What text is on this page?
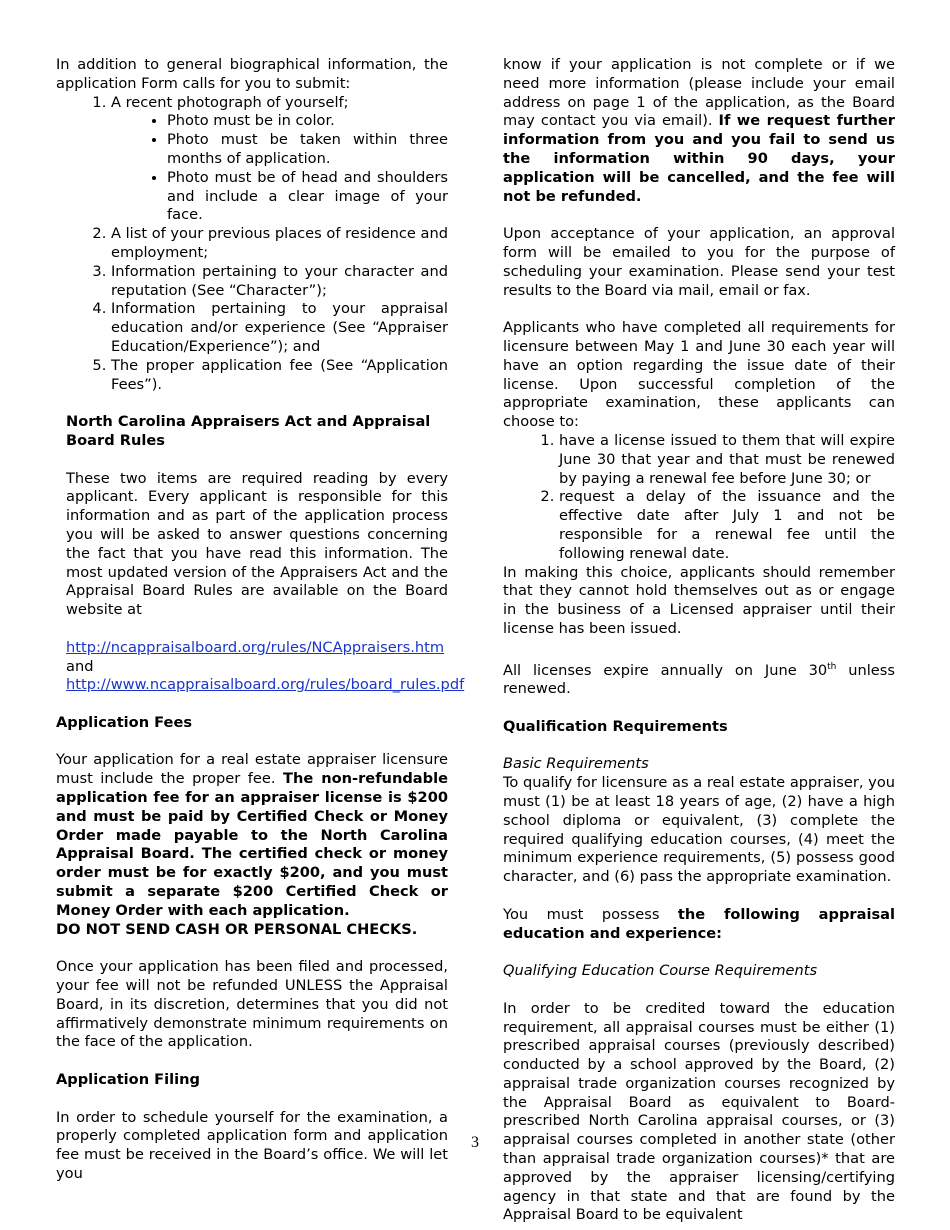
In addition to general biographical information, the application Form calls for you to submit:

1. A recent photograph of yourself;
• Photo must be in color.
• Photo must be taken within three months of application.
• Photo must be of head and shoulders and include a clear image of your face.
2. A list of your previous places of residence and employment;
3. Information pertaining to your character and reputation (See “Character”);
4. Information pertaining to your appraisal education and/or experience (See “Appraiser Education/Experience”); and
5. The proper application fee (See “Application Fees”).
North Carolina Appraisers Act and Appraisal Board Rules

These two items are required reading by every applicant. Every applicant is responsible for this information and as part of the application process you will be asked to answer questions concerning the fact that you have read this information. The most updated version of the Appraisers Act and the Appraisal Board Rules are available on the Board website at

http://ncappraisalboard.org/rules/NCAppraisers.htm
and
http://www.ncappraisalboard.org/rules/board_rules.pdf
Application Fees

Your application for a real estate appraiser licensure must include the proper fee. The non-refundable application fee for an appraiser license is $200 and must be paid by Certified Check or Money Order made payable to the North Carolina Appraisal Board. The certified check or money order must be for exactly $200, and you must submit a separate $200 Certified Check or Money Order with each application.
DO NOT SEND CASH OR PERSONAL CHECKS.

Once your application has been filed and processed, your fee will not be refunded UNLESS the Appraisal Board, in its discretion, determines that you did not affirmatively demonstrate minimum requirements on the face of the application.

Application Filing

In order to schedule yourself for the examination, a properly completed application form and application fee must be received in the Board’s office. We will let you

know if your application is not complete or if we need more information (please include your email address on page 1 of the application, as the Board may contact you via email). If we request further information from you and you fail to send us the information within 90 days, your application will be cancelled, and the fee will not be refunded.

Upon acceptance of your application, an approval form will be emailed to you for the purpose of scheduling your examination. Please send your test results to the Board via mail, email or fax.

Applicants who have completed all requirements for licensure between May 1 and June 30 each year will have an option regarding the issue date of their license. Upon successful completion of the appropriate examination, these applicants can choose to:

1. have a license issued to them that will expire June 30 that year and that must be renewed by paying a renewal fee before June 30; or
2. request a delay of the issuance and the effective date after July 1 and not be responsible for a renewal fee until the following renewal date.

In making this choice, applicants should remember that they cannot hold themselves out as or engage in the business of a Licensed appraiser until their license has been issued.

All licenses expire annually on June 30th unless renewed.

Qualification Requirements
Basic Requirements

To qualify for licensure as a real estate appraiser, you must (1) be at least 18 years of age, (2) have a high school diploma or equivalent, (3) complete the required qualifying education courses, (4) meet the minimum experience requirements, (5) possess good character, and (6) pass the appropriate examination.

You must possess the following appraisal education and experience:

Qualifying Education Course Requirements

In order to be credited toward the education requirement, all appraisal courses must be either (1) prescribed appraisal courses (previously described) conducted by a school approved by the Board, (2) appraisal trade organization courses recognized by the Appraisal Board as equivalent to Board-prescribed North Carolina appraisal courses, or (3) appraisal courses completed in another state (other than appraisal trade organization courses)* that are approved by the appraiser licensing/certifying agency in that state and that are found by the Appraisal Board to be equivalent

3
